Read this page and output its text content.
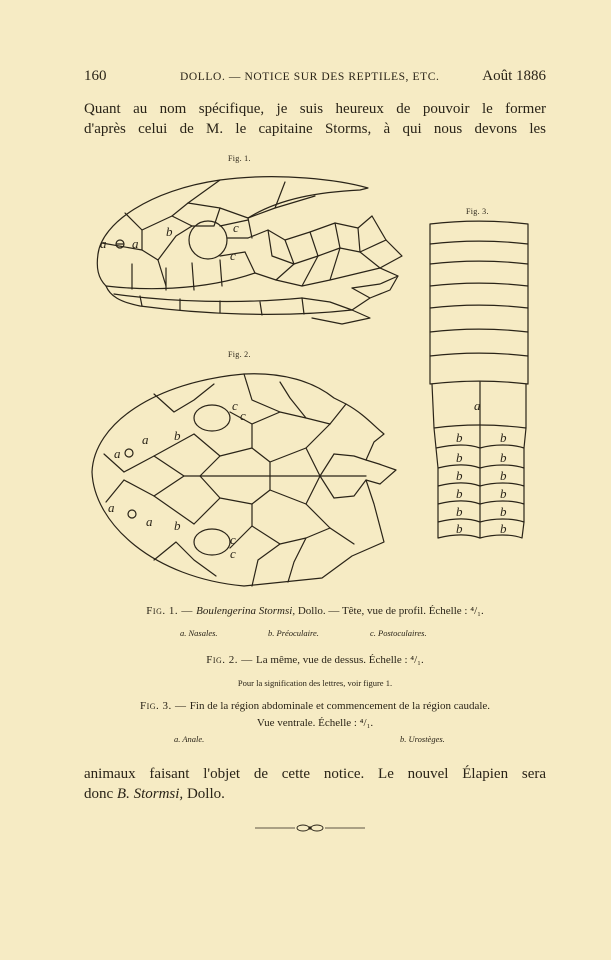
160	DOLLO. — NOTICE SUR DES REPTILES, ETC.	Août 1886
Quant au nom spécifique, je suis heureux de pouvoir le former
d'après celui de M. le capitaine Storms, à qui nous devons les
Fig. 1.
Fig. 2.
Fig. 3.
a a
b	c
c
c
c
c
c
b
b
a
a
a
a
a
b	b
b	b
b	b
b	b
b	b
b	b
Fig. 1. — Boulengerina Stormsi, Dollo. — Tête, vue de profil. Échelle : ⁴/₁.
a. Nasales.	b. Préoculaire.	c. Postoculaires.
Fig. 2. — La même, vue de dessus. Échelle : ⁴/₁.
Pour la signification des lettres, voir figure 1.
Fig. 3. — Fin de la région abdominale et commencement de la région caudale.
Vue ventrale. Échelle : ⁴/₁.
a. Anale.	b. Urostèges.
animaux faisant l'objet de cette notice. Le nouvel Élapien sera
donc B. Stormsi, Dollo.
